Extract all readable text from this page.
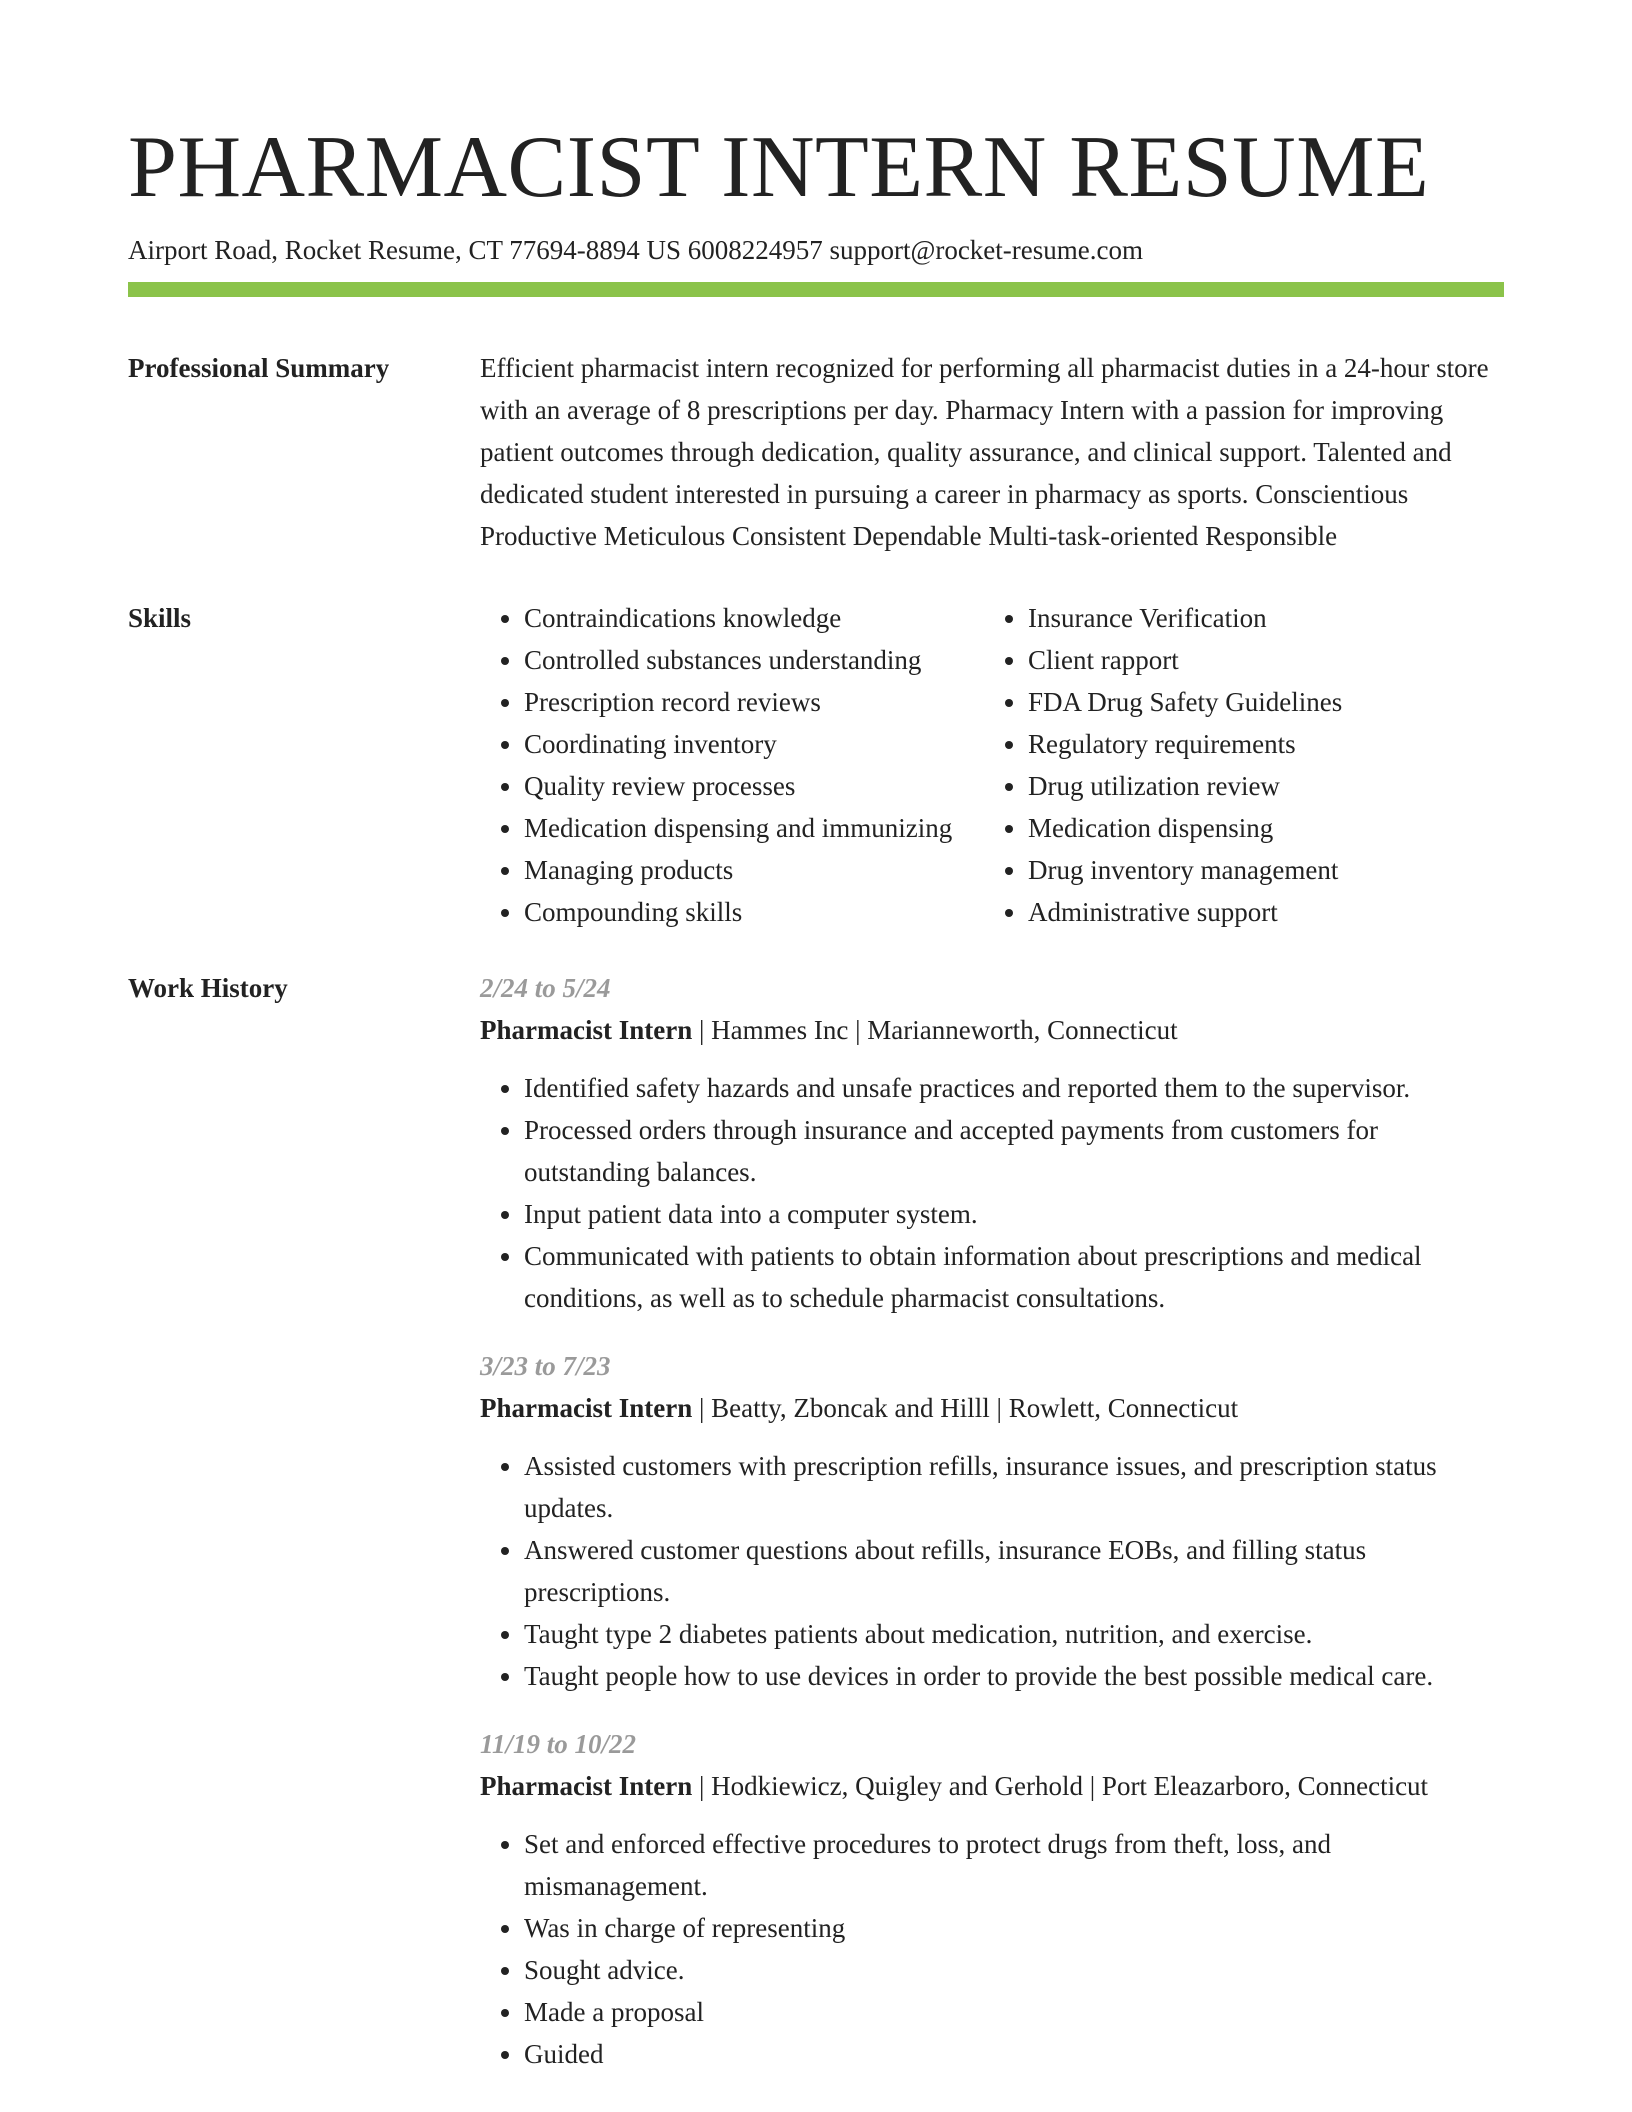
PHARMACIST INTERN RESUME
Airport Road, Rocket Resume, CT 77694-8894 US 6008224957 support@rocket-resume.com
Professional Summary	Efficient pharmacist intern recognized for performing all pharmacist duties in a 24-hour store with an average of 8 prescriptions per day. Pharmacy Intern with a passion for improving patient outcomes through dedication, quality assurance, and clinical support. Talented and dedicated student interested in pursuing a career in pharmacy as sports. Conscientious Productive Meticulous Consistent Dependable Multi-task-oriented Responsible

Skills
•	Contraindications knowledge
• Controlled substances understanding
• Prescription record reviews
• Coordinating inventory
• Quality review processes
• Medication dispensing and immunizing
• Managing products
• Compounding skills
• Insurance Verification
• Client rapport
• FDA Drug Safety Guidelines
• Regulatory requirements
• Drug utilization review
• Medication dispensing
• Drug inventory management
• Administrative support
Work History	2/24 to 5/24
Pharmacist Intern | Hammes Inc | Marianneworth, Connecticut
• Identified safety hazards and unsafe practices and reported them to the supervisor.
• Processed orders through insurance and accepted payments from customers for outstanding balances.
• Input patient data into a computer system.
• Communicated with patients to obtain information about prescriptions and medical conditions, as well as to schedule pharmacist consultations.
3/23 to 7/23
Pharmacist Intern | Beatty, Zboncak and Hilll | Rowlett, Connecticut
• Assisted customers with prescription refills, insurance issues, and prescription status updates.
• Answered customer questions about refills, insurance EOBs, and filling status prescriptions.
• Taught type 2 diabetes patients about medication, nutrition, and exercise.
• Taught people how to use devices in order to provide the best possible medical care.
11/19 to 10/22
Pharmacist Intern | Hodkiewicz, Quigley and Gerhold | Port Eleazarboro, Connecticut
• Set and enforced effective procedures to protect drugs from theft, loss, and mismanagement.
• Was in charge of representing
• Sought advice.
• Made a proposal
• Guided
